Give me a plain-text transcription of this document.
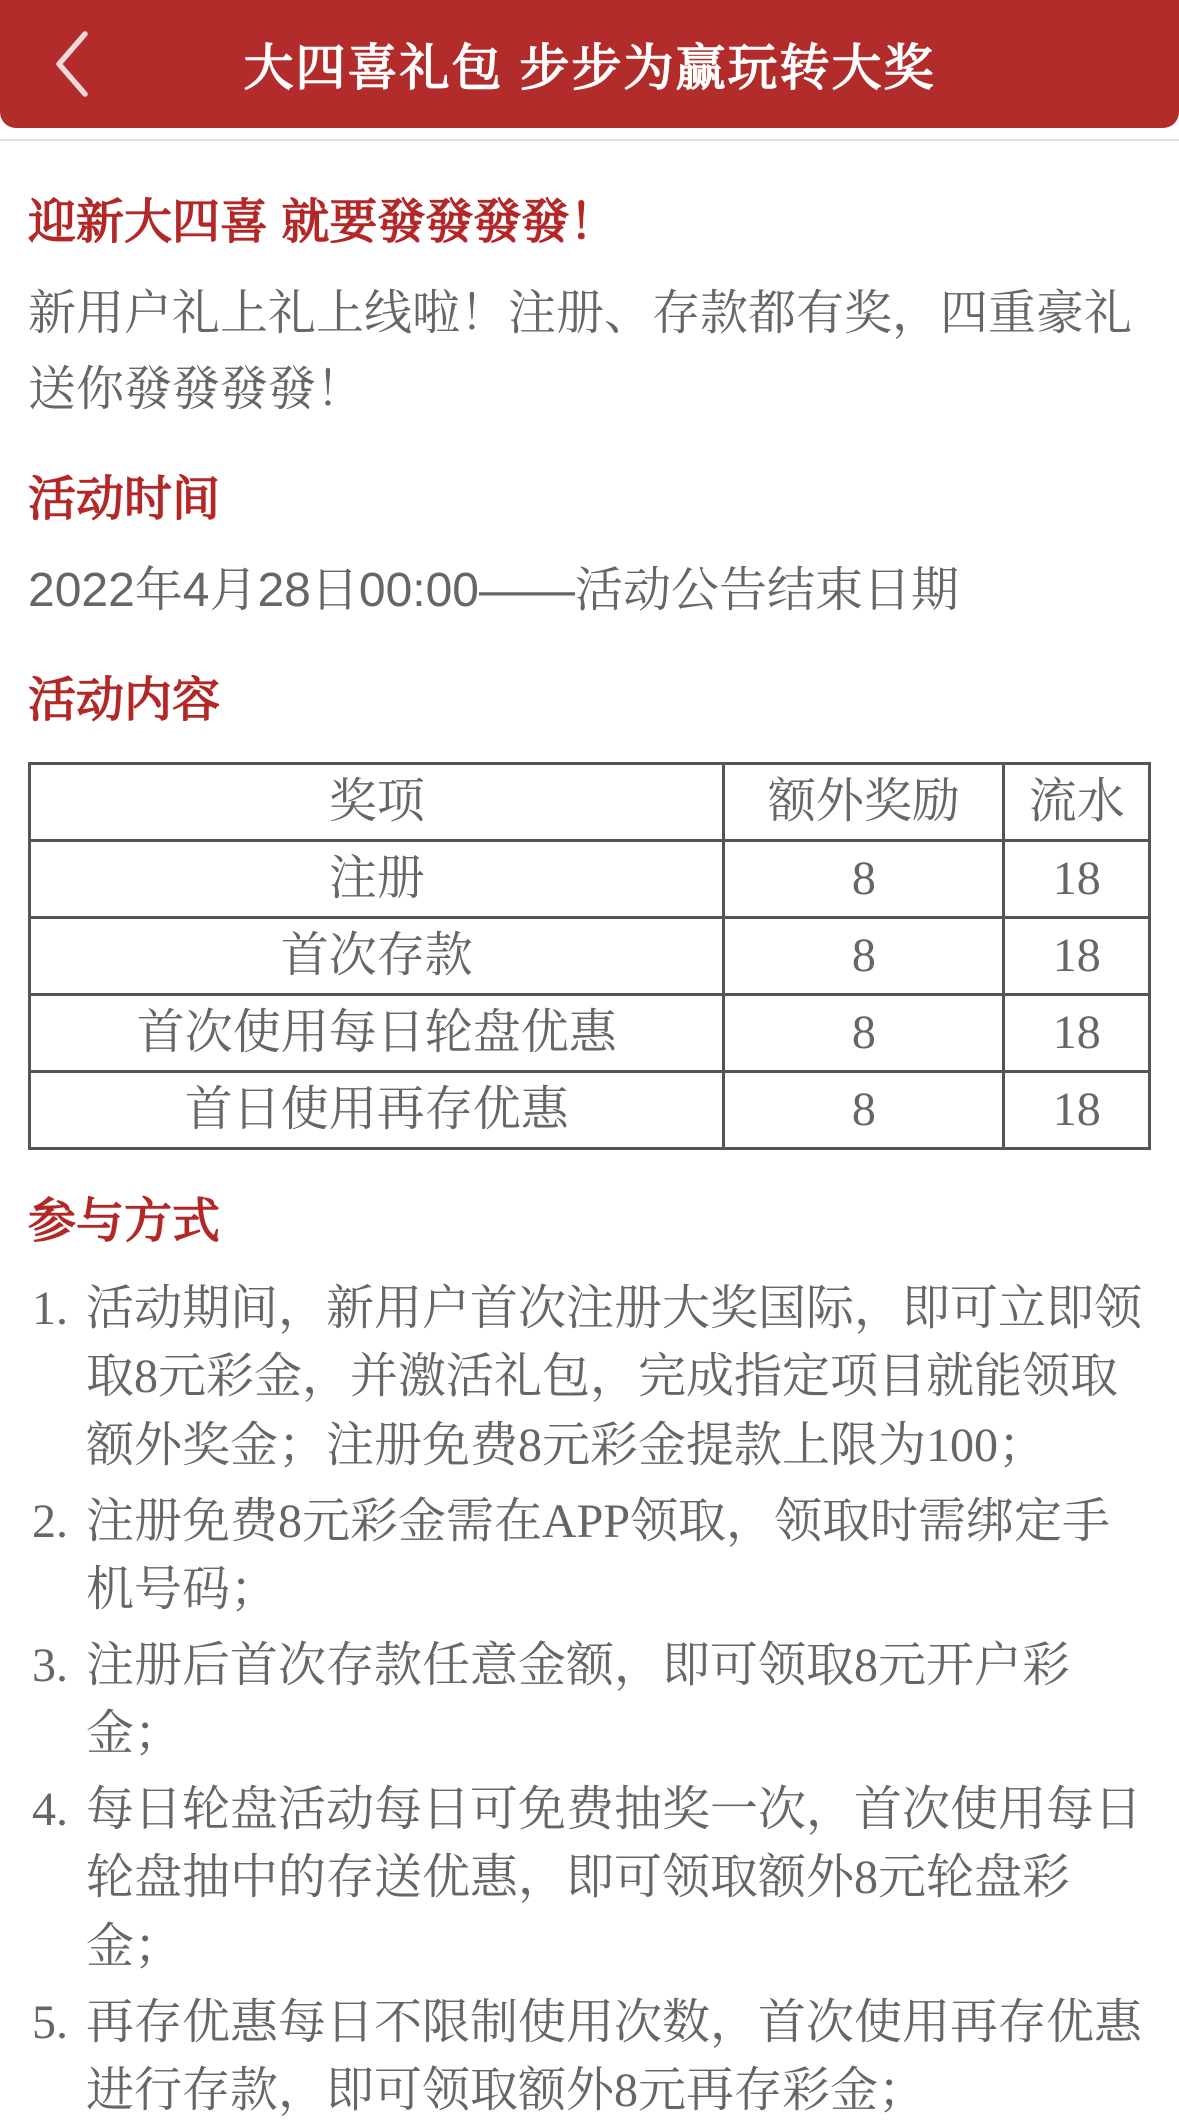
大四喜礼包 步步为赢玩转大奖
迎新大四喜 就要發發發發！

新用户礼上礼上线啦！注册、存款都有奖，四重豪礼送你發發發發！

活动时间

2022年4月28日00:00——活动公告结束日期

活动内容
奖项	额外奖励	流水
注册	8	18
首次存款	8	18
首次使用每日轮盘优惠	8	18
首日使用再存优惠	8	18
参与方式
1. 活动期间，新用户首次注册大奖国际，即可立即领取8元彩金，并激活礼包，完成指定项目就能领取额外奖金；注册免费8元彩金提款上限为100；
2. 注册免费8元彩金需在APP领取，领取时需绑定手机号码；
3. 注册后首次存款任意金额，即可领取8元开户彩金；
4. 每日轮盘活动每日可免费抽奖一次，首次使用每日轮盘抽中的存送优惠，即可领取额外8元轮盘彩金；
5. 再存优惠每日不限制使用次数，首次使用再存优惠进行存款，即可领取额外8元再存彩金；
